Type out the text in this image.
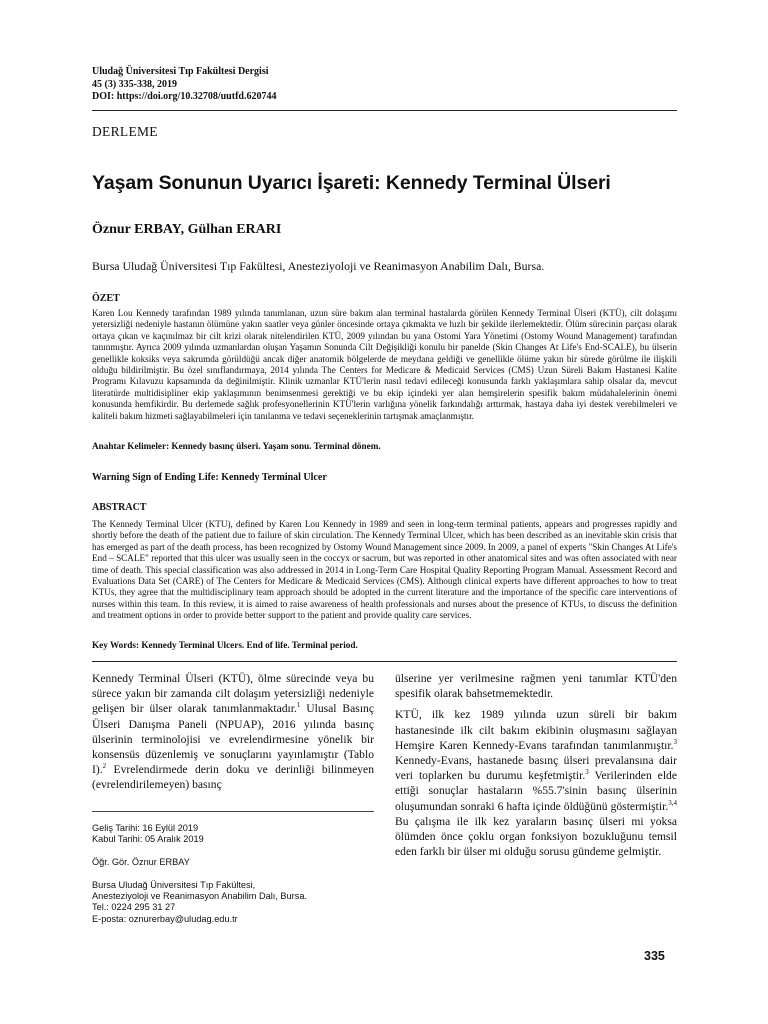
Uludağ Üniversitesi Tıp Fakültesi Dergisi
45 (3) 335-338, 2019
DOI: https://doi.org/10.32708/uutfd.620744
DERLEME
Yaşam Sonunun Uyarıcı İşareti: Kennedy Terminal Ülseri
Öznur ERBAY, Gülhan ERARI
Bursa Uludağ Üniversitesi Tıp Fakültesi, Anesteziyoloji ve Reanimasyon Anabilim Dalı, Bursa.
ÖZET

Karen Lou Kennedy tarafından 1989 yılında tanımlanan, uzun süre bakım alan terminal hastalarda görülen Kennedy Terminal Ülseri (KTÜ), cilt dolaşımı yetersizliği nedeniyle hastanın ölümüne yakın saatler veya günler öncesinde ortaya çıkmakta ve hızlı bir şekilde ilerlemektedir. Ölüm sürecinin parçası olarak ortaya çıkan ve kaçınılmaz bir cilt krizi olarak nitelendirilen KTÜ, 2009 yılından bu yana Ostomi Yara Yönetimi (Ostomy Wound Management) tarafından tanınmıştır. Ayrıca 2009 yılında uzmanlardan oluşan Yaşamın Sonunda Cilt Değişikliği konulu bir panelde (Skin Changes At Life's End-SCALE), bu ülserin genellikle koksiks veya sakrumda görüldüğü ancak diğer anatomik bölgelerde de meydana geldiği ve genellikle ölüme yakın bir sürede görülme ile ilişkili olduğu bildirilmiştir. Bu özel sınıflandırmaya, 2014 yılında The Centers for Medicare & Medicaid Services (CMS) Uzun Süreli Bakım Hastanesi Kalite Programı Kılavuzu kapsamında da değinilmiştir. Klinik uzmanlar KTÜ'lerin nasıl tedavi edileceği konusunda farklı yaklaşımlara sahip olsalar da, mevcut literatürde multidisipliner ekip yaklaşımının benimsenmesi gerektiği ve bu ekip içindeki yer alan hemşirelerin spesifik bakım müdahalelerinin önemi konusunda hemfikirdir. Bu derlemede sağlık profesyonellerinin KTÜ'lerin varlığına yönelik farkındalığı arttırmak, hastaya daha iyi destek verebilmeleri ve kaliteli bakım hizmeti sağlayabilmeleri için tanılanma ve tedavi seçeneklerinin tartışmak amaçlanmıştır.

Anahtar Kelimeler: Kennedy basınç ülseri. Yaşam sonu. Terminal dönem.
Warning Sign of Ending Life: Kennedy Terminal Ulcer
ABSTRACT

The Kennedy Terminal Ulcer (KTU), defined by Karen Lou Kennedy in 1989 and seen in long-term terminal patients, appears and progresses rapidly and shortly before the death of the patient due to failure of skin circulation. The Kennedy Terminal Ulcer, which has been described as an inevitable skin crisis that has emerged as part of the death process, has been recognized by Ostomy Wound Management since 2009. In 2009, a panel of experts "Skin Changes At Life's End – SCALE" reported that this ulcer was usually seen in the coccyx or sacrum, but was reported in other anatomical sites and was often associated with near time of death. This special classification was also addressed in 2014 in Long-Term Care Hospital Quality Reporting Program Manual. Assessment Record and Evaluations Data Set (CARE) of The Centers for Medicare & Medicaid Services (CMS). Although clinical experts have different approaches to how to treat KTUs, they agree that the multidisciplinary team approach should be adopted in the current literature and the importance of the specific care interventions of nurses within this team. In this review, it is aimed to raise awareness of health professionals and nurses about the presence of KTUs, to discuss the definition and treatment options in order to provide better support to the patient and provide quality care services.

Key Words: Kennedy Terminal Ulcers. End of life. Terminal period.

Kennedy Terminal Ülseri (KTÜ), ölme sürecinde veya bu sürece yakın bir zamanda cilt dolaşım yetersizliği nedeniyle gelişen bir ülser olarak tanımlanmaktadır.$^1$ Ulusal Basınç Ülseri Danışma Paneli (NPUAP), 2016 yılında basınç ülserinin terminolojisi ve evrelendirmesine yönelik bir konsensüs düzenlemiş ve sonuçlarını yayınlamıştır (Tablo I).$^2$ Evrelendirmede derin doku ve derinliği bilinmeyen (evrelendirilemeyen) basınç

ülserine yer verilmesine rağmen yeni tanımlar KTÜ'den spesifik olarak bahsetmemektedir.

KTÜ, ilk kez 1989 yılında uzun süreli bir bakım hastanesinde ilk cilt bakım ekibinin oluşmasını sağlayan Hemşire Karen Kennedy-Evans tarafından tanımlanmıştır.$^3$ Kennedy-Evans, hastanede basınç ülseri prevalansına dair veri toplarken bu durumu keşfetmiştir.$^3$ Verilerinden elde ettiği sonuçlar hastaların %55.7'sinin basınç ülserinin oluşumundan sonraki 6 hafta içinde öldüğünü göstermiştir.$^{3,4}$ Bu çalışma ile ilk kez yaraların basınç ülseri mi yoksa ölümden önce çoklu organ fonksiyon bozukluğunu temsil eden farklı bir ülser mi olduğu sorusu gündeme gelmiştir.

Geliş Tarihi: 16 Eylül 2019
Kabul Tarihi: 05 Aralık 2019
Öğr. Gör. Öznur ERBAY
Bursa Uludağ Üniversitesi Tıp Fakültesi,
Anesteziyoloji ve Reanimasyon Anabilim Dalı, Bursa.
Tel.: 0224 295 31 27
E-posta: oznurerbay@uludag.edu.tr
335
